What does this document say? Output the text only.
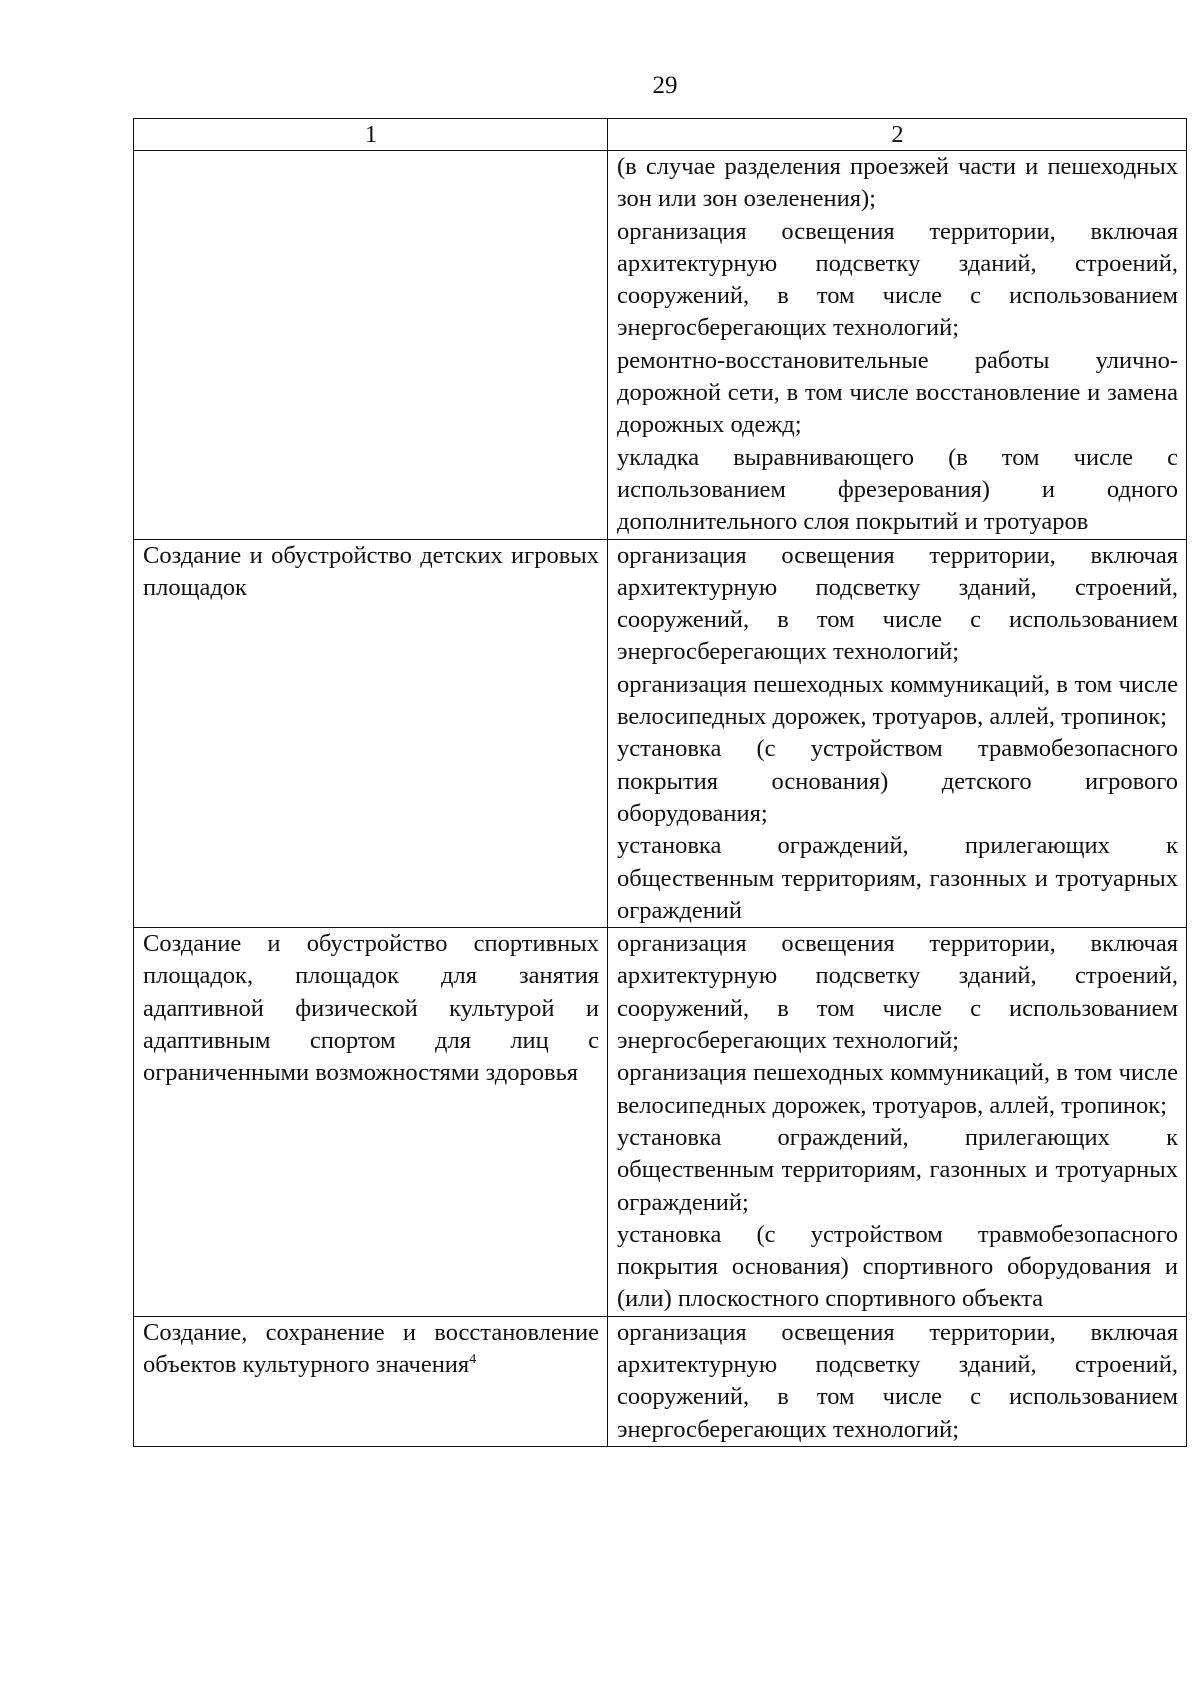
29
1	2

	(в случае разделения проезжей части и пешеходных зон или зон озеленения);

организация освещения территории, включая архитектурную подсветку зданий, строений, сооружений, в том числе с использованием энергосберегающих технологий;

ремонтно-восстановительные работы улично-дорожной сети, в том числе восстановление и замена дорожных одежд;

укладка выравнивающего (в том числе с использованием фрезерования) и одного дополнительного слоя покрытий и тротуаров

Создание и обустройство детских игровых площадок	организация освещения территории, включая архитектурную подсветку зданий, строений, сооружений, в том числе с использованием энергосберегающих технологий;

организация пешеходных коммуникаций, в том числе велосипедных дорожек, тротуаров, аллей, тропинок;

установка (с устройством травмобезопасного покрытия основания) детского игрового оборудования;

установка ограждений, прилегающих к общественным территориям, газонных и тротуарных ограждений

Создание и обустройство спортивных площадок, площадок для занятия адаптивной физической культурой и адаптивным спортом для лиц с ограниченными возможностями здоровья	организация освещения территории, включая архитектурную подсветку зданий, строений, сооружений, в том числе с использованием энергосберегающих технологий;

организация пешеходных коммуникаций, в том числе велосипедных дорожек, тротуаров, аллей, тропинок;

установка ограждений, прилегающих к общественным территориям, газонных и тротуарных ограждений;

установка (с устройством травмобезопасного покрытия основания) спортивного оборудования и (или) плоскостного спортивного объекта

Создание, сохранение и восстановление объектов культурного значения$^4$	организация освещения территории, включая архитектурную подсветку зданий, строений, сооружений, в том числе с использованием энергосберегающих технологий;
